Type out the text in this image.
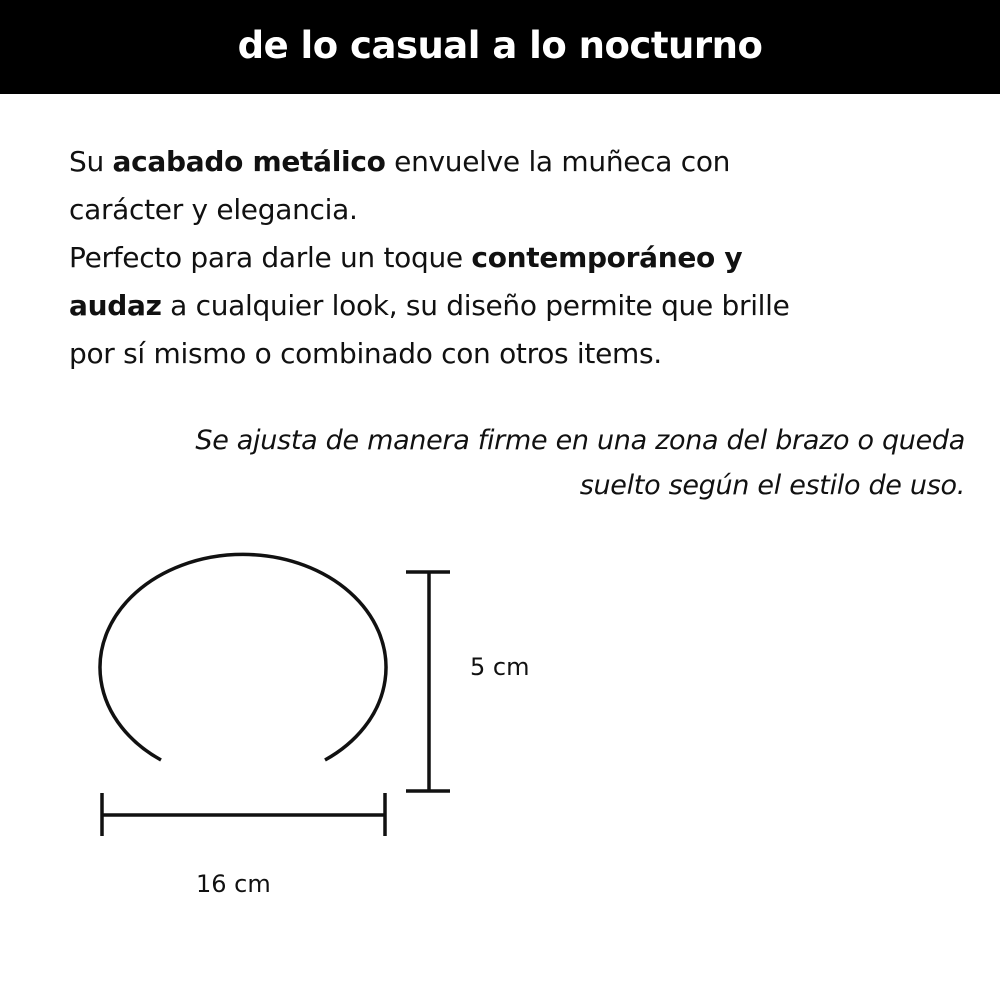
de lo casual a lo nocturno

Su acabado metálico envuelve la muñeca con

carácter y elegancia.

Perfecto para darle un toque contemporáneo y

audaz a cualquier look, su diseño permite que brille

por sí mismo o combinado con otros items.

Se ajusta de manera firme en una zona del brazo o queda

suelto según el estilo de uso.

5 cm
16 cm
